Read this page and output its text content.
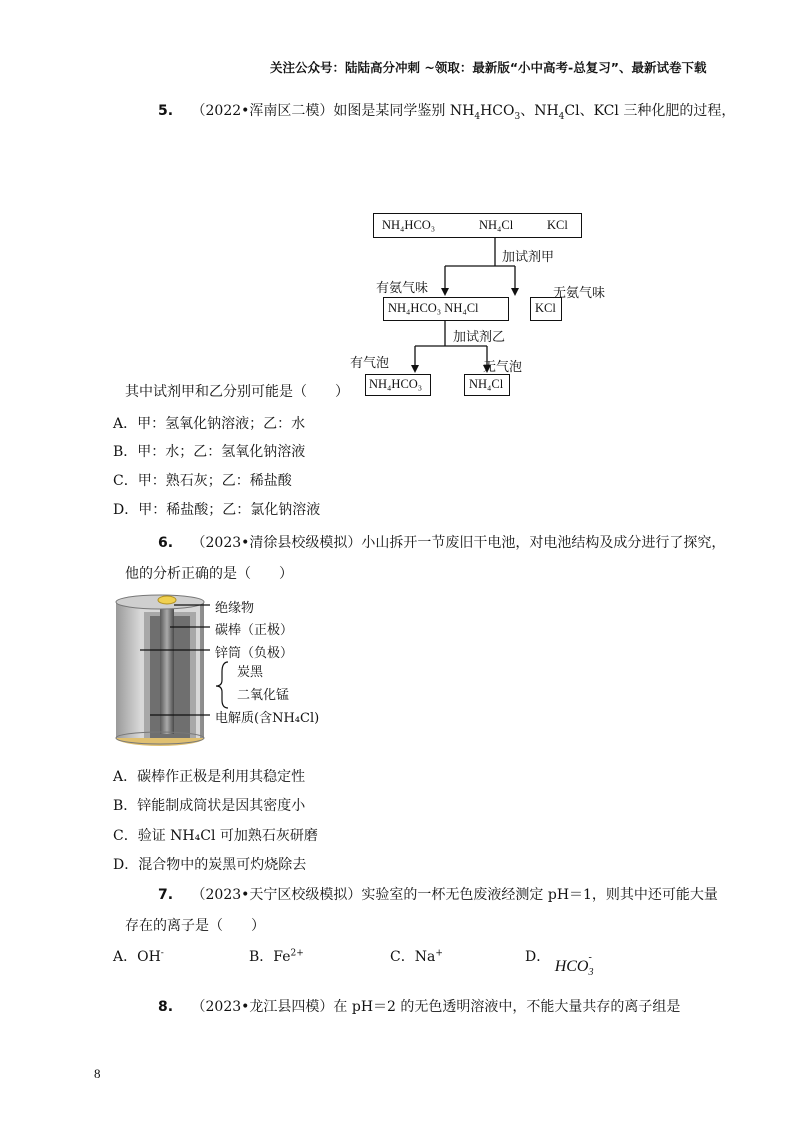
关注公众号：陆陆高分冲刺 ~领取：最新版“小中高考-总复习”、最新试卷下载
5. （2022•浑南区二模）如图是某同学鉴别 $NH_4HCO_3$、$NH_4Cl$、KCl 三种化肥的过程，
NH₄HCO₃	NH₄Cl	KCl
加试剂甲
有氨气味	无氨气味
NH₄HCO₃ NH₄Cl	KCl
加试剂乙
有气泡	无气泡
NH₄HCO₃	NH₄Cl
其中试剂甲和乙分别可能是（　　）
A．甲：氢氧化钠溶液；乙：水
B．甲：水；乙：氢氧化钠溶液
C．甲：熟石灰；乙：稀盐酸
D．甲：稀盐酸；乙：氯化钠溶液
6. （2023•清徐县校级模拟）小山拆开一节废旧干电池，对电池结构及成分进行了探究，
他的分析正确的是（　　）
绝缘物
碳棒（正极）
锌筒（负极）
炭黑
二氧化锰
电解质(含NH₄Cl)
A．碳棒作正极是利用其稳定性
B．锌能制成筒状是因其密度小
C．验证 NH₄Cl 可加熟石灰研磨
D．混合物中的炭黑可灼烧除去
7. （2023•天宁区校级模拟）实验室的一杯无色废液经测定 pH＝1，则其中还可能大量
存在的离子是（　　）
A．OH-	B．$Fe^{2+}$	C．Na+	D． HCO
-
3
8. （2023•龙江县四模）在 pH＝2 的无色透明溶液中，不能大量共存的离子组是
8
